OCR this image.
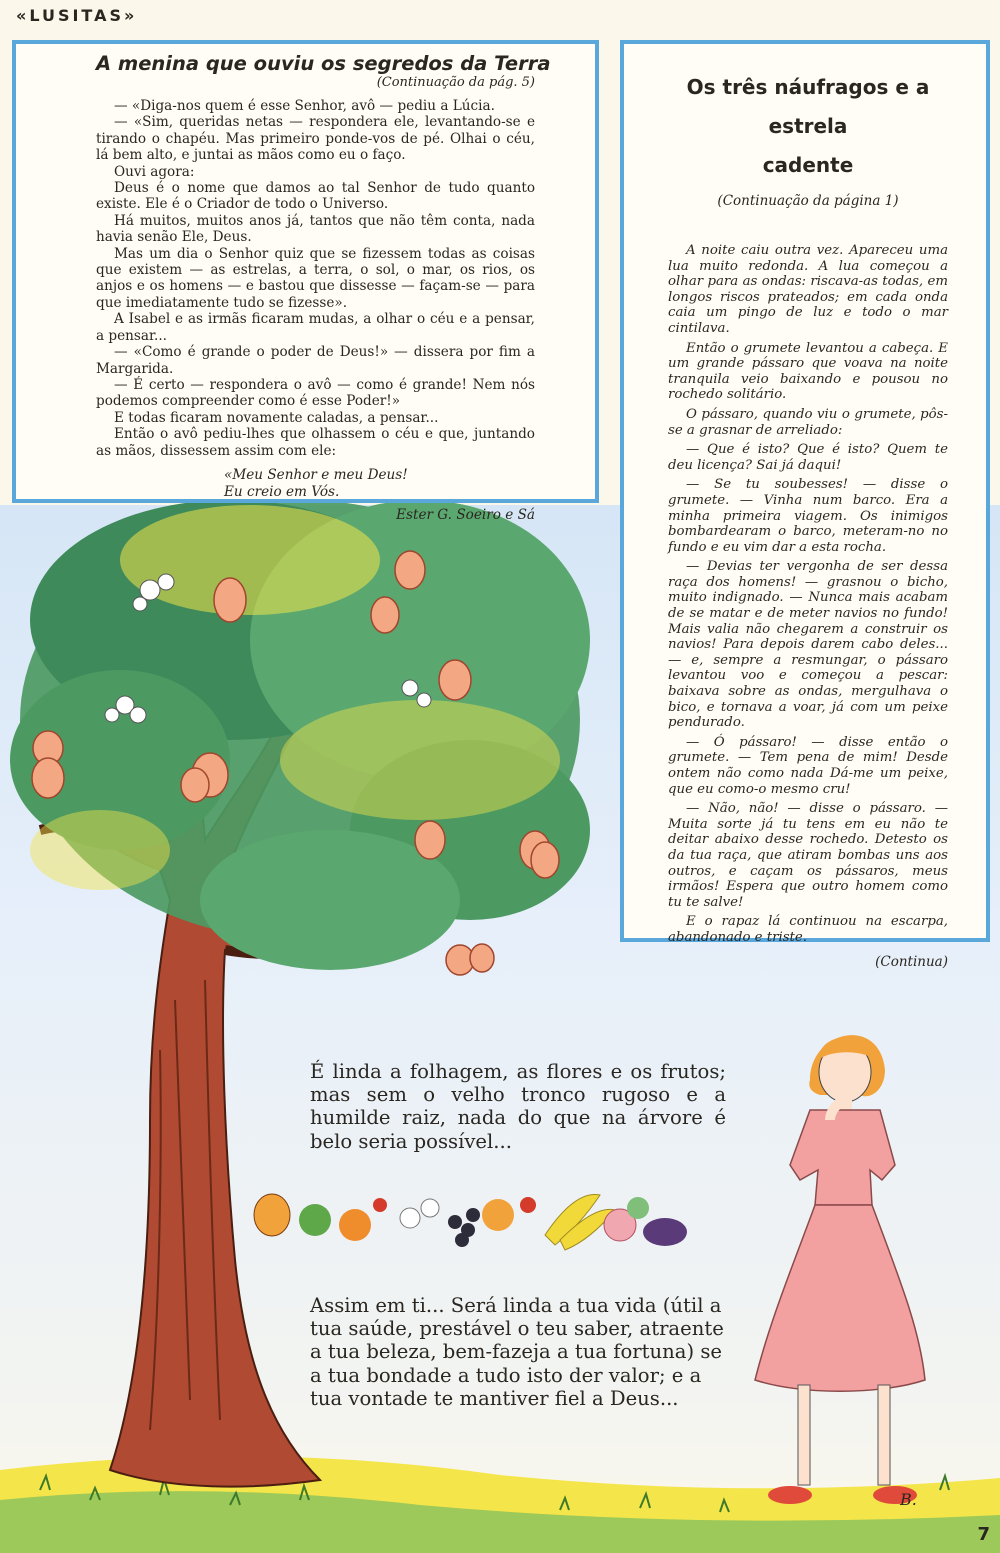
«LUSITAS»
B.
A menina que ouviu os segredos da Terra
(Continuação da pág. 5)

— «Diga-nos quem é esse Senhor, avô — pediu a Lúcia.

— «Sim, queridas netas — respondera ele, levantando-se e tirando o chapéu. Mas primeiro ponde-vos de pé. Olhai o céu, lá bem alto, e juntai as mãos como eu o faço.

Ouvi agora:

Deus é o nome que damos ao tal Senhor de tudo quanto existe. Ele é o Criador de todo o Universo.

Há muitos, muitos anos já, tantos que não têm conta, nada havia senão Ele, Deus.

Mas um dia o Senhor quiz que se fizessem todas as coisas que existem — as estrelas, a terra, o sol, o mar, os rios, os anjos e os homens — e bastou que dissesse — façam-se — para que imediatamente tudo se fizesse».

A Isabel e as irmãs ficaram mudas, a olhar o céu e a pensar, a pensar...

— «Como é grande o poder de Deus!» — dissera por fim a Margarida.

— É certo — respondera o avô — como é grande! Nem nós podemos compreender como é esse Poder!»

E todas ficaram novamente caladas, a pensar...

Então o avô pediu-lhes que olhassem o céu e que, juntando as mãos, dissessem assim com ele:

«Meu Senhor e meu Deus!
Eu creio em Vós.
Ester G. Soeiro e Sá
Os três náufragos e a estrela
cadente
(Continuação da página 1)

A noite caiu outra vez. Apareceu uma lua muito redonda. A lua começou a olhar para as ondas: riscava-as todas, em longos riscos prateados; em cada onda caia um pingo de luz e todo o mar cintilava.

Então o grumete levantou a cabeça. E um grande pássaro que voava na noite tranquila veio baixando e pousou no rochedo solitário.

O pássaro, quando viu o grumete, pôs-se a grasnar de arreliado:

— Que é isto? Que é isto? Quem te deu licença? Sai já daqui!

— Se tu soubesses! — disse o grumete. — Vinha num barco. Era a minha primeira viagem. Os inimigos bombardearam o barco, meteram-no no fundo e eu vim dar a esta rocha.

— Devias ter vergonha de ser dessa raça dos homens! — grasnou o bicho, muito indignado. — Nunca mais acabam de se matar e de meter navios no fundo! Mais valia não chegarem a construir os navios! Para depois darem cabo deles... — e, sempre a resmungar, o pássaro levantou voo e começou a pescar: baixava sobre as ondas, mergulhava o bico, e tornava a voar, já com um peixe pendurado.

— Ó pássaro! — disse então o grumete. — Tem pena de mim! Desde ontem não como nada Dá-me um peixe, que eu como-o mesmo cru!

— Não, não! — disse o pássaro. —Muita sorte já tu tens em eu não te deitar abaixo desse rochedo. Detesto os da tua raça, que atiram bombas uns aos outros, e caçam os pássaros, meus irmãos! Espera que outro homem como tu te salve!

E o rapaz lá continuou na escarpa, abandonado e triste.

(Continua)
É linda a folhagem, as flores e os frutos; mas sem o velho tronco rugoso e a humilde raiz, nada do que na árvore é belo seria possível...
Assim em ti... Será linda a tua vida (útil a tua saúde, prestável o teu saber, atraente a tua beleza, bem-fazeja a tua fortuna) se a tua bondade a tudo isto der valor; e a tua vontade te mantiver fiel a Deus...
7
